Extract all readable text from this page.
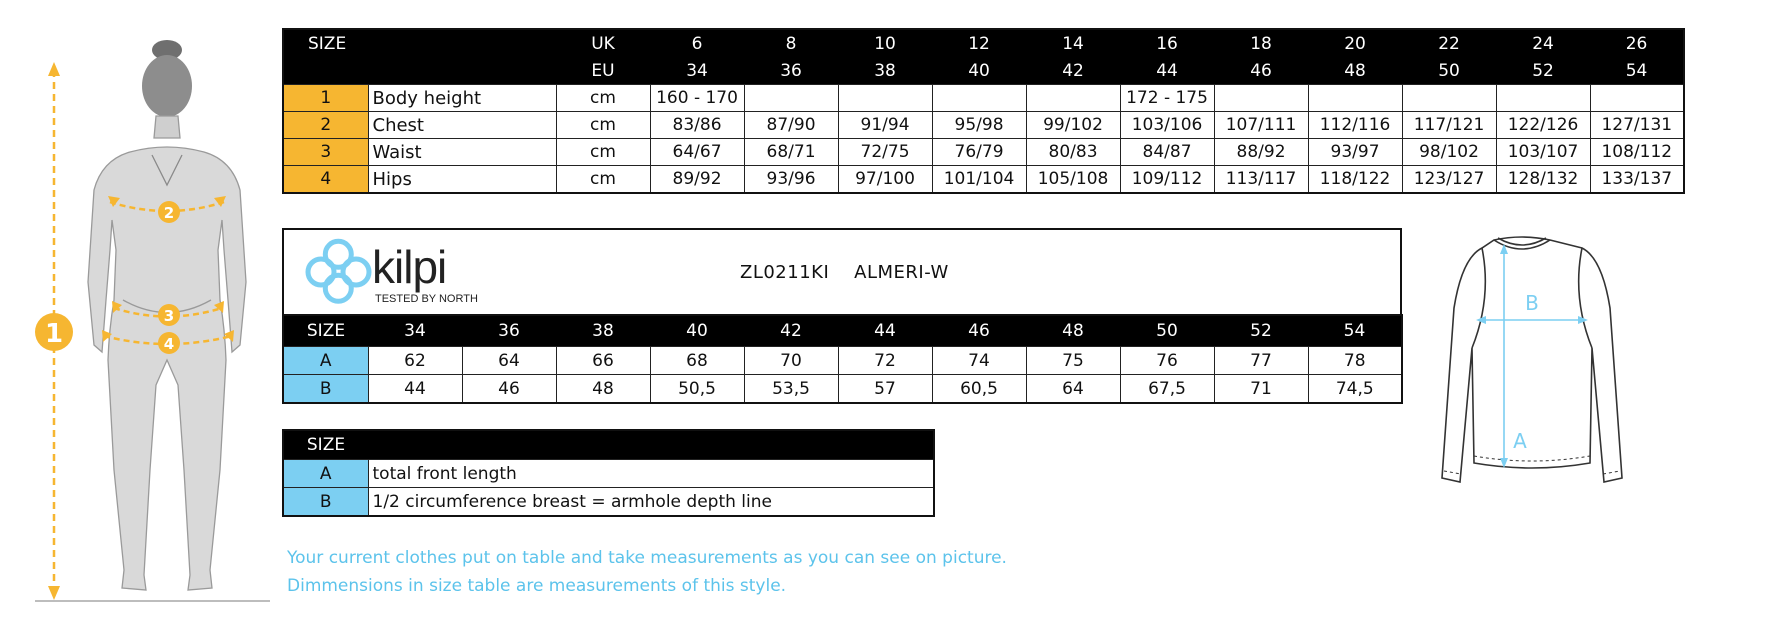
1
2
3
4
SIZE			UK	6	8	10	12	14	16	18	20	22	24	26
			EU	34	36	38	40	42	44	46	48	50	52	54
1	Body height		cm	160 - 170					172 - 175					
2	Chest		cm	83/86	87/90	91/94	95/98	99/102	103/106	107/111	112/116	117/121	122/126	127/131
3	Waist		cm	64/67	68/71	72/75	76/79	80/83	84/87	88/92	93/97	98/102	103/107	108/112
4	Hips		cm	89/92	93/96	97/100	101/104	105/108	109/112	113/117	118/122	123/127	128/132	133/137
kilpi
TESTED BY NORTH
ZL0211KI ALMERI-W
SIZE	34	36	38	40	42	44	46	48	50	52	54
A	62	64	66	68	70	72	74	75	76	77	78
B	44	46	48	50,5	53,5	57	60,5	64	67,5	71	74,5
SIZE	
A	total front length
B	1/2 circumference breast = armhole depth line
Your current clothes put on table and take measurements as you can see on picture.
Dimmensions in size table are measurements of this style.
B
A
